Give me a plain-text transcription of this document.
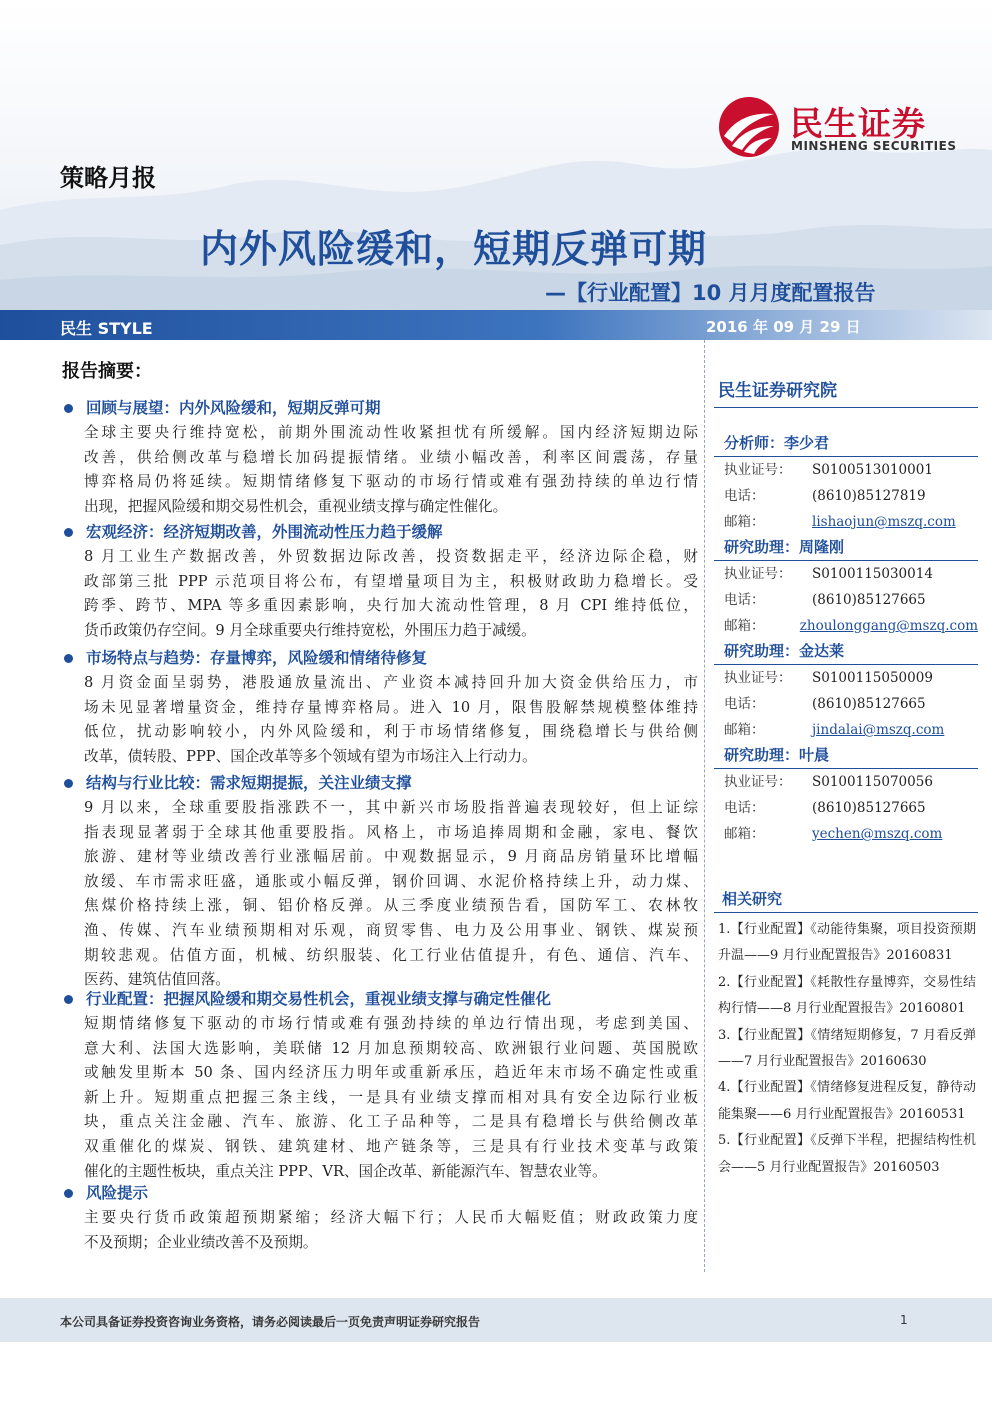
民生证券
MINSHENG SECURITIES
策略月报
内外风险缓和，短期反弹可期
—【行业配置】10 月月度配置报告
民生 STYLE	2016 年 09 月 29 日
报告摘要：
回顾与展望：内外风险缓和，短期反弹可期
全球主要央行维持宽松，前期外围流动性收紧担忧有所缓解。国内经济短期边际
改善，供给侧改革与稳增长加码提振情绪。业绩小幅改善，利率区间震荡，存量
博弈格局仍将延续。短期情绪修复下驱动的市场行情或难有强劲持续的单边行情
出现，把握风险缓和期交易性机会，重视业绩支撑与确定性催化。
宏观经济：经济短期改善，外围流动性压力趋于缓解
8 月工业生产数据改善，外贸数据边际改善，投资数据走平，经济边际企稳，财
政部第三批 PPP 示范项目将公布，有望增量项目为主，积极财政助力稳增长。受
跨季、跨节、MPA 等多重因素影响，央行加大流动性管理，8 月 CPI 维持低位，
货币政策仍存空间。9 月全球重要央行维持宽松，外围压力趋于减缓。
市场特点与趋势：存量博弈，风险缓和情绪待修复
8 月资金面呈弱势，港股通放量流出、产业资本减持回升加大资金供给压力，市
场未见显著增量资金，维持存量博弈格局。进入 10 月，限售股解禁规模整体维持
低位，扰动影响较小，内外风险缓和，利于市场情绪修复，围绕稳增长与供给侧
改革，债转股、PPP、国企改革等多个领域有望为市场注入上行动力。
结构与行业比较：需求短期提振，关注业绩支撑
9 月以来，全球重要股指涨跌不一，其中新兴市场股指普遍表现较好，但上证综
指表现显著弱于全球其他重要股指。风格上，市场追捧周期和金融，家电、餐饮
旅游、建材等业绩改善行业涨幅居前。中观数据显示，9 月商品房销量环比增幅
放缓、车市需求旺盛，通胀或小幅反弹，钢价回调、水泥价格持续上升，动力煤、
焦煤价格持续上涨，铜、铝价格反弹。从三季度业绩预告看，国防军工、农林牧
渔、传媒、汽车业绩预期相对乐观，商贸零售、电力及公用事业、钢铁、煤炭预
期较悲观。估值方面，机械、纺织服装、化工行业估值提升，有色、通信、汽车、
医药、建筑估值回落。
行业配置：把握风险缓和期交易性机会，重视业绩支撑与确定性催化
短期情绪修复下驱动的市场行情或难有强劲持续的单边行情出现，考虑到美国、
意大利、法国大选影响，美联储 12 月加息预期较高、欧洲银行业问题、英国脱欧
或触发里斯本 50 条、国内经济压力明年或重新承压，趋近年末市场不确定性或重
新上升。短期重点把握三条主线，一是具有业绩支撑而相对具有安全边际行业板
块，重点关注金融、汽车、旅游、化工子品种等，二是具有稳增长与供给侧改革
双重催化的煤炭、钢铁、建筑建材、地产链条等，三是具有行业技术变革与政策
催化的主题性板块，重点关注 PPP、VR、国企改革、新能源汽车、智慧农业等。
风险提示
主要央行货币政策超预期紧缩；经济大幅下行；人民币大幅贬值；财政政策力度
不及预期；企业业绩改善不及预期。
民生证券研究院
分析师：李少君
执业证号：	S0100513010001
电话：	(8610)85127819
邮箱：	lishaojun@mszq.com
研究助理：周隆刚
执业证号：	S0100115030014
电话：	(8610)85127665
邮箱：	zhoulonggang@mszq.com
研究助理：金达莱
执业证号：	S0100115050009
电话：	(8610)85127665
邮箱：	jindalai@mszq.com
研究助理：叶晨
执业证号：	S0100115070056
电话：	(8610)85127665
邮箱：	yechen@mszq.com
相关研究
1.【行业配置】《动能待集聚，项目投资预期升温——9 月行业配置报告》20160831
2.【行业配置】《耗散性存量博弈，交易性结构行情——8 月行业配置报告》20160801
3.【行业配置】《情绪短期修复，7 月看反弹——7 月行业配置报告》20160630
4.【行业配置】《情绪修复进程反复，静待动能集聚——6 月行业配置报告》20160531
5.【行业配置】《反弹下半程，把握结构性机会——5 月行业配置报告》20160503
本公司具备证券投资咨询业务资格，请务必阅读最后一页免责声明证券研究报告	1
